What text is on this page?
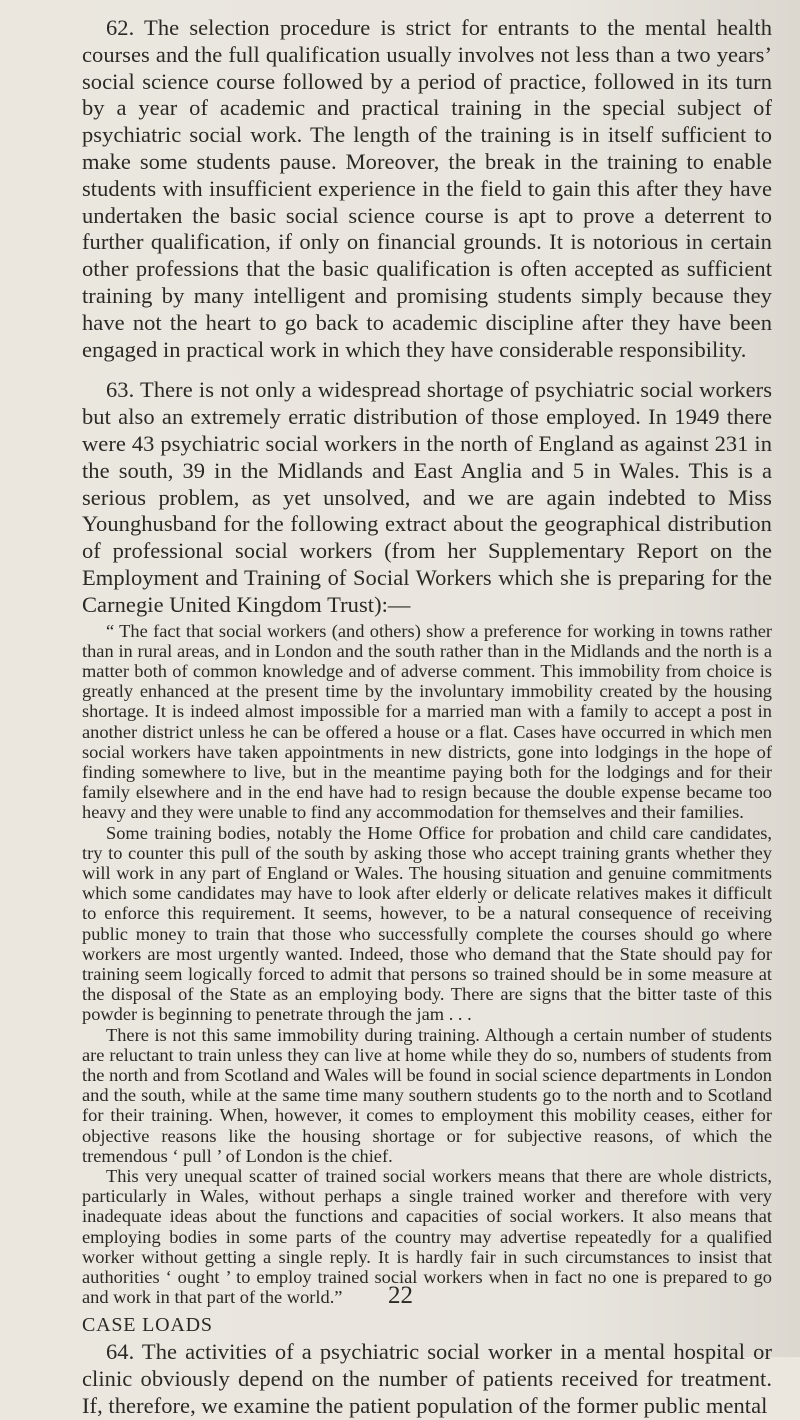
62. The selection procedure is strict for entrants to the mental health courses and the full qualification usually involves not less than a two years’ social science course followed by a period of practice, followed in its turn by a year of academic and practical training in the special subject of psychiatric social work. The length of the training is in itself sufficient to make some students pause. Moreover, the break in the training to enable students with insufficient experience in the field to gain this after they have undertaken the basic social science course is apt to prove a deterrent to further qualification, if only on financial grounds. It is notorious in certain other professions that the basic qualification is often accepted as sufficient training by many intelligent and promising students simply because they have not the heart to go back to academic discipline after they have been engaged in practical work in which they have considerable responsibility.

63. There is not only a widespread shortage of psychiatric social workers but also an extremely erratic distribution of those employed. In 1949 there were 43 psychiatric social workers in the north of England as against 231 in the south, 39 in the Midlands and East Anglia and 5 in Wales. This is a serious problem, as yet unsolved, and we are again indebted to Miss Younghusband for the following extract about the geographical distribution of professional social workers (from her Supplementary Report on the Employment and Training of Social Workers which she is preparing for the Carnegie United Kingdom Trust):—

“ The fact that social workers (and others) show a preference for working in towns rather than in rural areas, and in London and the south rather than in the Midlands and the north is a matter both of common knowledge and of adverse comment. This immobility from choice is greatly enhanced at the present time by the involuntary immobility created by the housing shortage. It is indeed almost impossible for a married man with a family to accept a post in another district unless he can be offered a house or a flat. Cases have occurred in which men social workers have taken appointments in new districts, gone into lodgings in the hope of finding somewhere to live, but in the meantime paying both for the lodgings and for their family elsewhere and in the end have had to resign because the double expense became too heavy and they were unable to find any accommodation for themselves and their families.

Some training bodies, notably the Home Office for probation and child care candidates, try to counter this pull of the south by asking those who accept training grants whether they will work in any part of England or Wales. The housing situation and genuine commitments which some candidates may have to look after elderly or delicate relatives makes it difficult to enforce this requirement. It seems, however, to be a natural consequence of receiving public money to train that those who successfully complete the courses should go where workers are most urgently wanted. Indeed, those who demand that the State should pay for training seem logically forced to admit that persons so trained should be in some measure at the disposal of the State as an employing body. There are signs that the bitter taste of this powder is beginning to penetrate through the jam . . .

There is not this same immobility during training. Although a certain number of students are reluctant to train unless they can live at home while they do so, numbers of students from the north and from Scotland and Wales will be found in social science departments in London and the south, while at the same time many southern students go to the north and to Scotland for their training. When, however, it comes to employment this mobility ceases, either for objective reasons like the housing shortage or for subjective reasons, of which the tremendous ‘ pull ’ of London is the chief.

This very unequal scatter of trained social workers means that there are whole districts, particularly in Wales, without perhaps a single trained worker and therefore with very inadequate ideas about the functions and capacities of social workers. It also means that employing bodies in some parts of the country may advertise repeatedly for a qualified worker without getting a single reply. It is hardly fair in such circumstances to insist that authorities ‘ ought ’ to employ trained social workers when in fact no one is prepared to go and work in that part of the world.”

CASE LOADS

64. The activities of a psychiatric social worker in a mental hospital or clinic obviously depend on the number of patients received for treatment. If, therefore, we examine the patient population of the former public mental

22
